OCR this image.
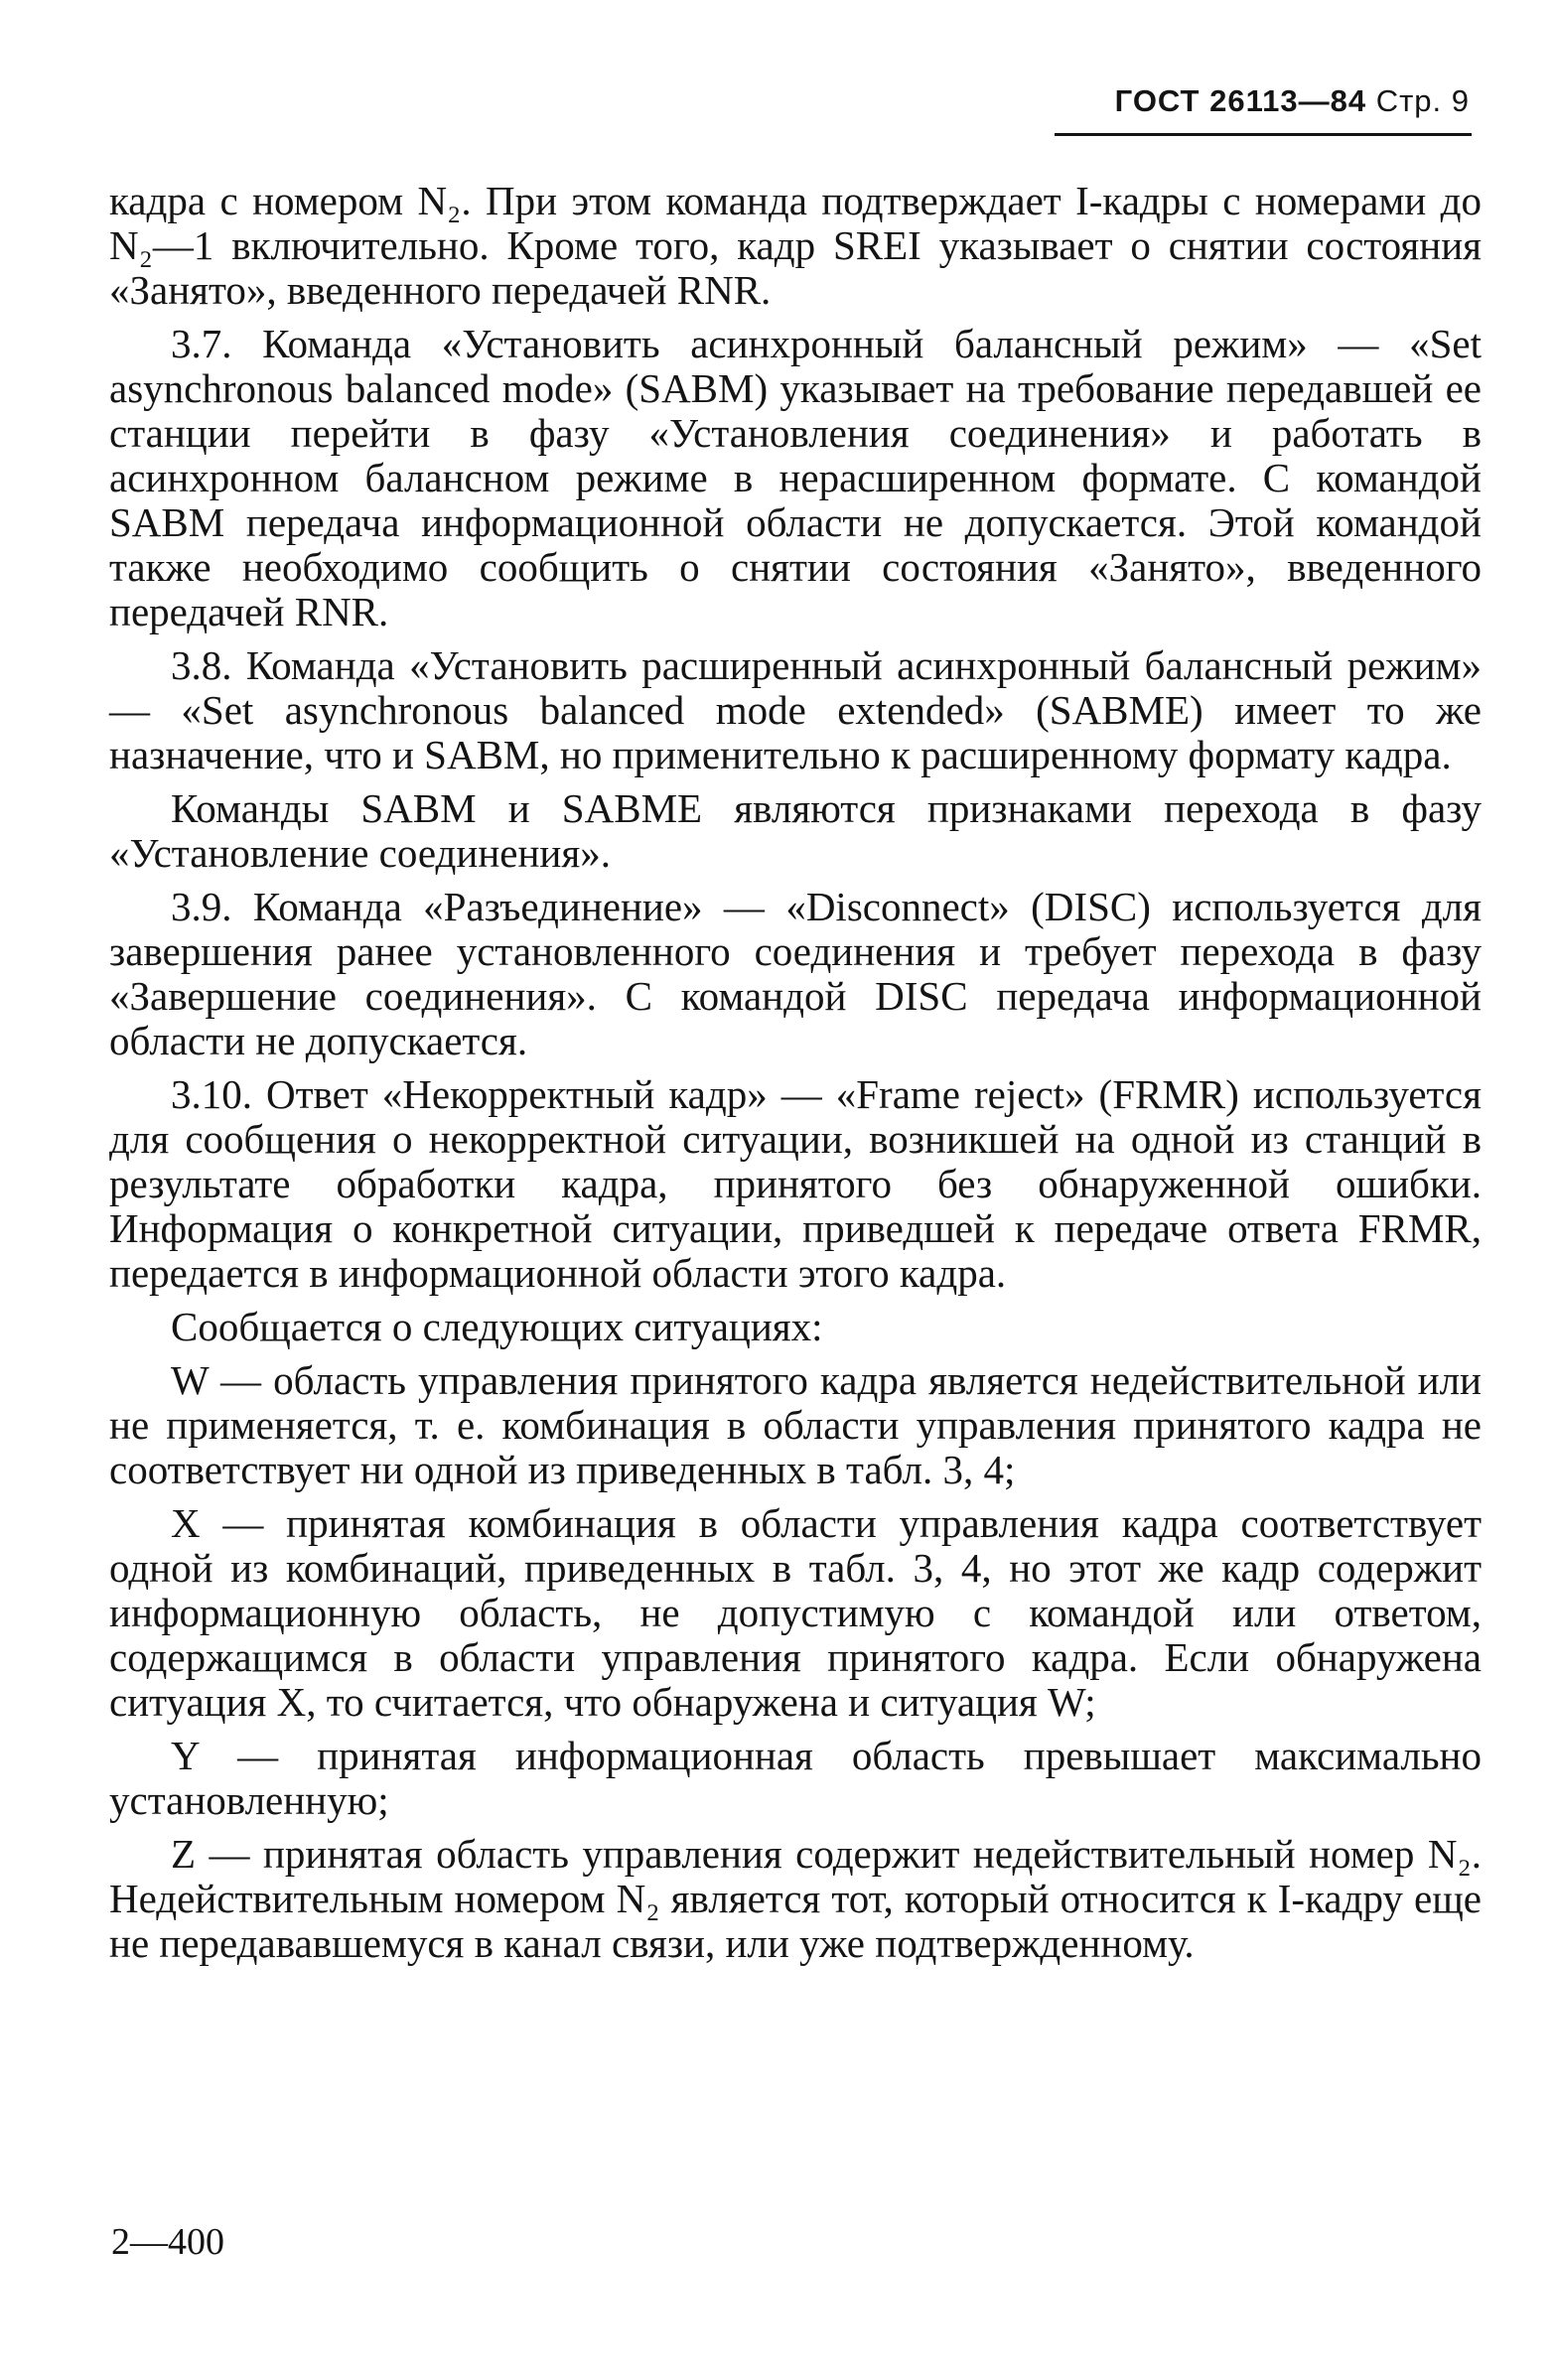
ГОСТ 26113—84 Стр. 9

кадра с номером N₂. При этом команда подтверждает I-кадры с номерами до N₂—1 включительно. Кроме того, кадр SREI указывает о снятии состояния «Занято», введенного передачей RNR.

3.7. Команда «Установить асинхронный балансный режим» — «Set asynchronous balanced mode» (SABM) указывает на требование передавшей ее станции перейти в фазу «Установления соединения» и работать в асинхронном балансном режиме в нерасширенном формате. С командой SABM передача информационной области не допускается. Этой командой также необходимо сообщить о снятии состояния «Занято», введенного передачей RNR.

3.8. Команда «Установить расширенный асинхронный балансный режим» — «Set asynchronous balanced mode extended» (SABME) имеет то же назначение, что и SABM, но применительно к расширенному формату кадра.

Команды SABM и SABME являются признаками перехода в фазу «Установление соединения».

3.9. Команда «Разъединение» — «Disconnect» (DISC) используется для завершения ранее установленного соединения и требует перехода в фазу «Завершение соединения». С командой DISC передача информационной области не допускается.

3.10. Ответ «Некорректный кадр» — «Frame reject» (FRMR) используется для сообщения о некорректной ситуации, возникшей на одной из станций в результате обработки кадра, принятого без обнаруженной ошибки. Информация о конкретной ситуации, приведшей к передаче ответа FRMR, передается в информационной области этого кадра.

Сообщается о следующих ситуациях:

W — область управления принятого кадра является недействительной или не применяется, т. е. комбинация в области управления принятого кадра не соответствует ни одной из приведенных в табл. 3, 4;

X — принятая комбинация в области управления кадра соответствует одной из комбинаций, приведенных в табл. 3, 4, но этот же кадр содержит информационную область, не допустимую с командой или ответом, содержащимся в области управления принятого кадра. Если обнаружена ситуация X, то считается, что обнаружена и ситуация W;

Y — принятая информационная область превышает максимально установленную;

Z — принятая область управления содержит недействительный номер N₂. Недействительным номером N₂ является тот, который относится к I-кадру еще не передававшемуся в канал связи, или уже подтвержденному.

2—400
